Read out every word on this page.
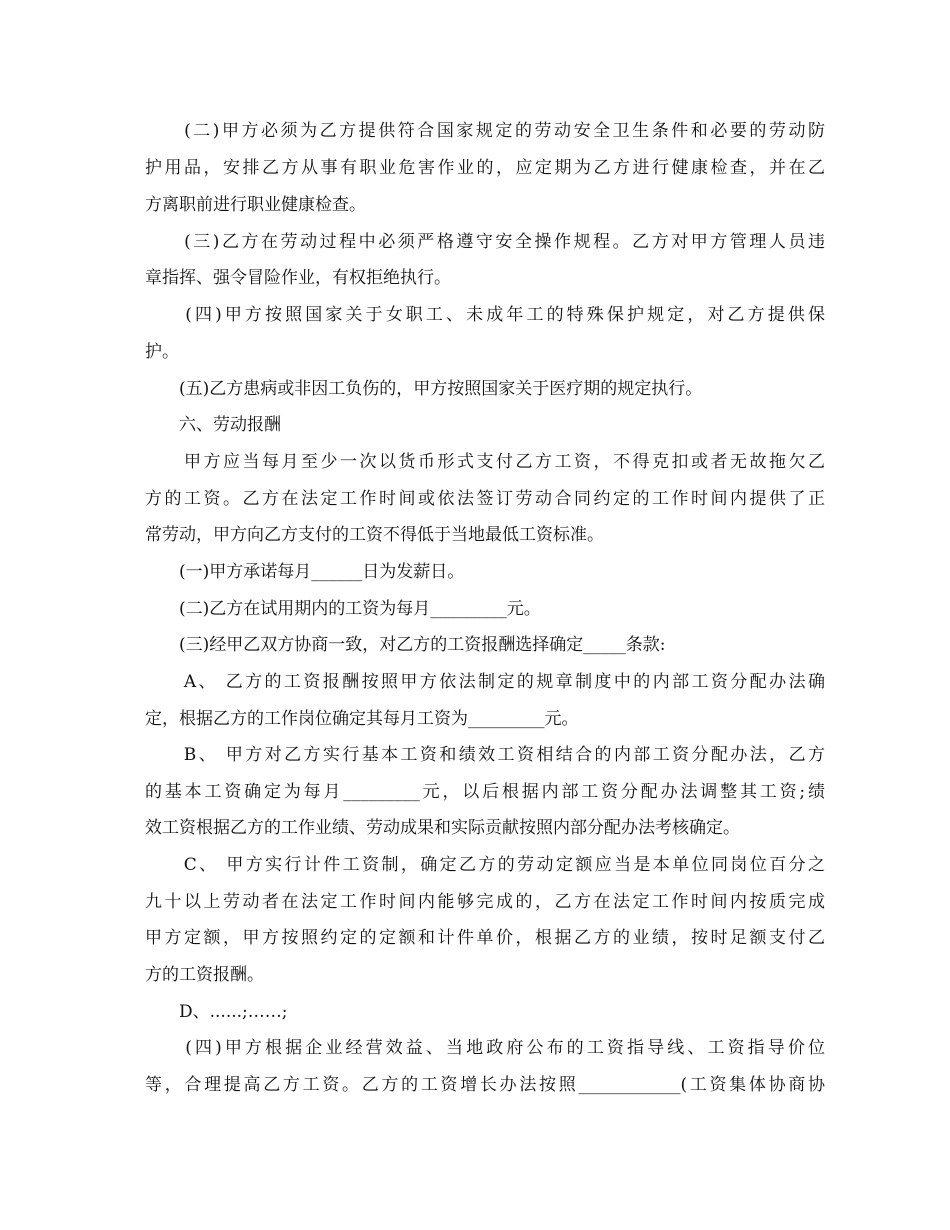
　　(二)甲方必须为乙方提供符合国家规定的劳动安全卫生条件和必要的劳动防
护用品，安排乙方从事有职业危害作业的，应定期为乙方进行健康检查，并在乙
方离职前进行职业健康检查。
　　(三)乙方在劳动过程中必须严格遵守安全操作规程。乙方对甲方管理人员违
章指挥、强令冒险作业，有权拒绝执行。
　　(四)甲方按照国家关于女职工、未成年工的特殊保护规定，对乙方提供保
护。
　　(五)乙方患病或非因工负伤的，甲方按照国家关于医疗期的规定执行。
　　六、劳动报酬
　　甲方应当每月至少一次以货币形式支付乙方工资，不得克扣或者无故拖欠乙
方的工资。乙方在法定工作时间或依法签订劳动合同约定的工作时间内提供了正
常劳动，甲方向乙方支付的工资不得低于当地最低工资标准。
　　(一)甲方承诺每月______日为发薪日。
　　(二)乙方在试用期内的工资为每月_________元。
　　(三)经甲乙双方协商一致，对乙方的工资报酬选择确定_____条款:
　　A、 乙方的工资报酬按照甲方依法制定的规章制度中的内部工资分配办法确
定，根据乙方的工作岗位确定其每月工资为_________元。
　　B、 甲方对乙方实行基本工资和绩效工资相结合的内部工资分配办法，乙方
的基本工资确定为每月_________元，以后根据内部工资分配办法调整其工资;绩
效工资根据乙方的工作业绩、劳动成果和实际贡献按照内部分配办法考核确定。
　　C、 甲方实行计件工资制，确定乙方的劳动定额应当是本单位同岗位百分之
九十以上劳动者在法定工作时间内能够完成的，乙方在法定工作时间内按质完成
甲方定额，甲方按照约定的定额和计件单价，根据乙方的业绩，按时足额支付乙
方的工资报酬。
　　D、......;……;
　　(四)甲方根据企业经营效益、当地政府公布的工资指导线、工资指导价位
等，合理提高乙方工资。乙方的工资增长办法按照____________(工资集体协商协
